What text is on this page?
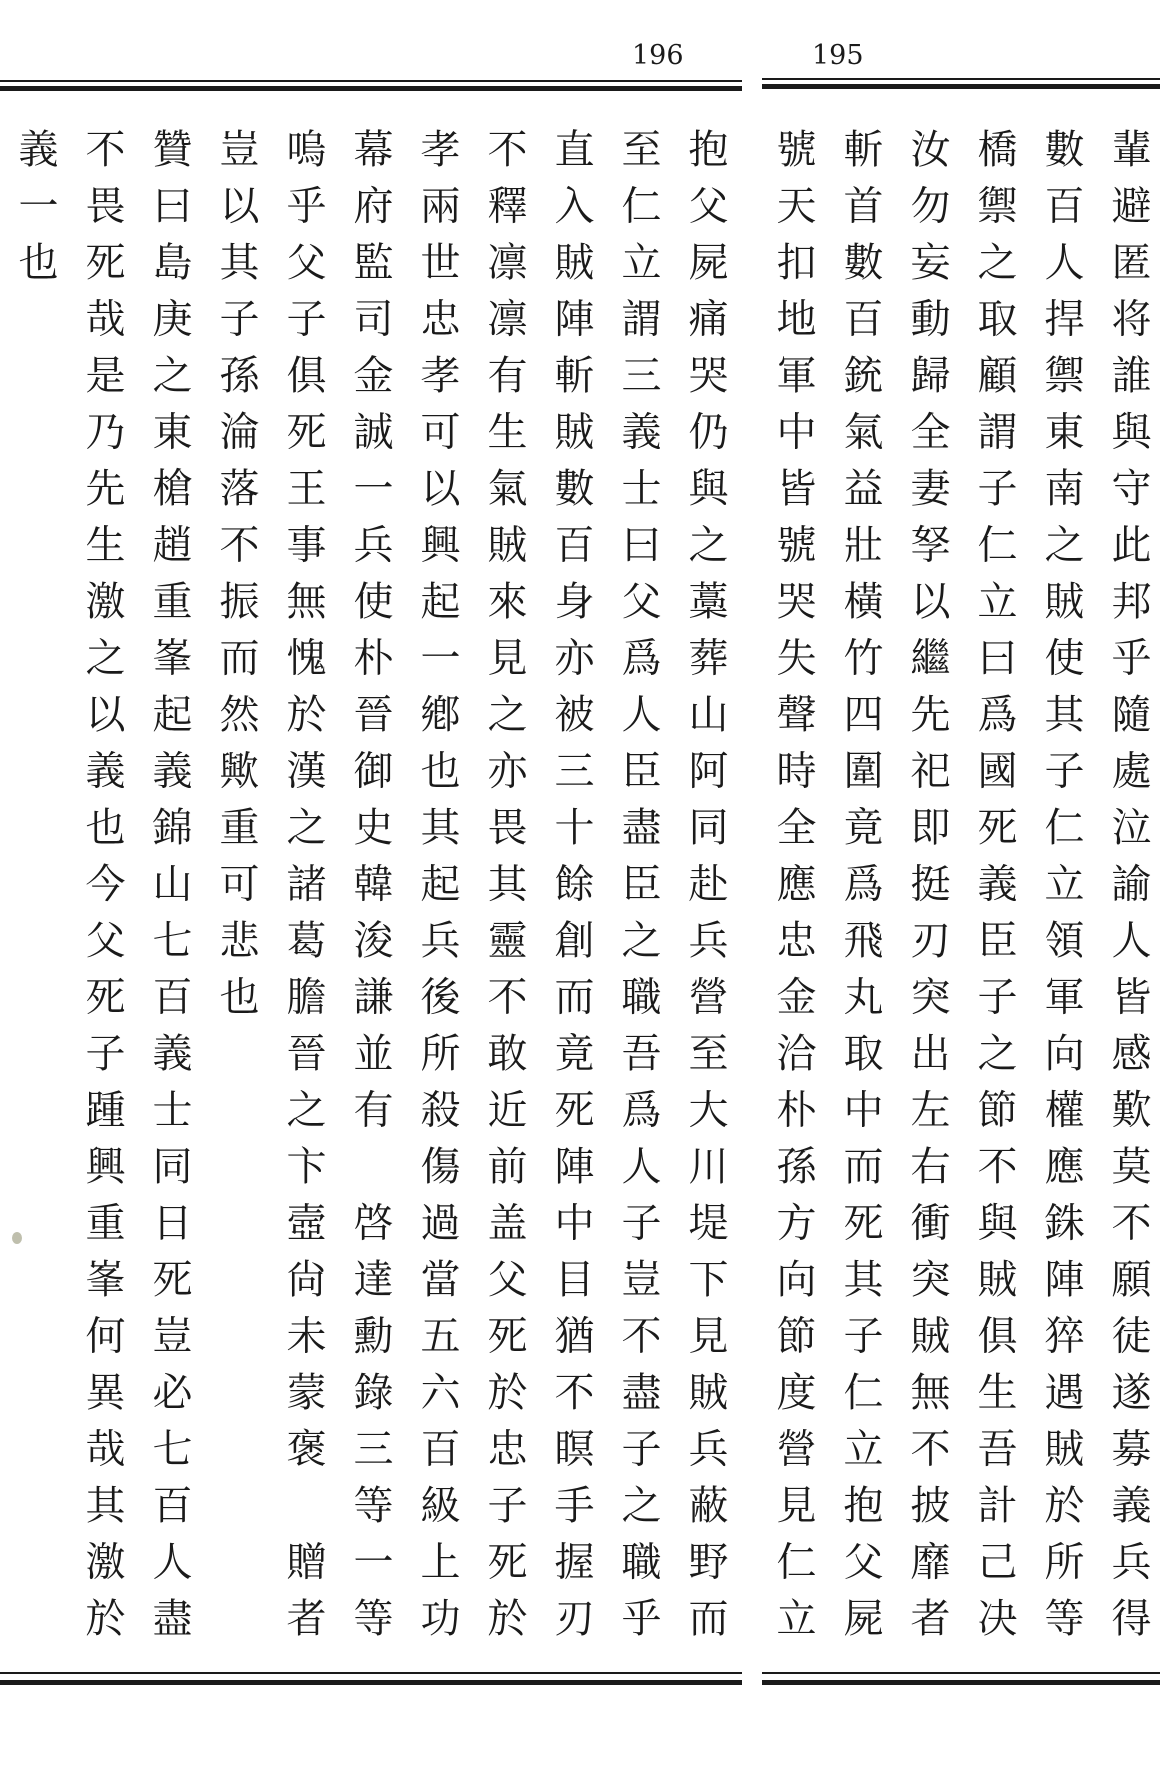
196
抱父屍痛哭仍與之藁葬山阿同赴兵營至大川堤下見賊兵蔽野而
至仁立謂三義士曰父爲人臣盡臣之職吾爲人子豈不盡子之職乎
直入賊陣斬賊數百身亦被三十餘創而竟死陣中目猶不瞑手握刃
不釋凛凛有生氣賊來見之亦畏其靈不敢近前盖父死於忠子死於
孝兩世忠孝可以興起一鄕也其起兵後所殺傷過當五六百級上功
幕府監司金誠一兵使朴晉御史韓浚謙並有　啓達勳錄三等一等
嗚乎父子俱死王事無愧於漢之諸葛膽晉之卞壼尙未蒙褒　贈者
豈以其子孫淪落不振而然歟重可悲也
贊曰島庚之東槍趙重峯起義錦山七百義士同日死豈必七百人盡
不畏死哉是乃先生激之以義也今父死子踵興重峯何異哉其激於
義一也
195
輩避匿将誰與守此邦乎隨處泣諭人皆感歎莫不願徒遂募義兵得
數百人捍禦東南之賊使其子仁立領軍向權應銖陣猝遇賊於所等
橋禦之取顧謂子仁立曰爲國死義臣子之節不與賊俱生吾計己决
汝勿妄動歸全妻孥以繼先祀即挺刃突出左右衝突賊無不披靡者
斬首數百銃氣益壯橫竹四圍竟爲飛丸取中而死其子仁立抱父屍
號天扣地軍中皆號哭失聲時全應忠金洽朴孫方向節度營見仁立
